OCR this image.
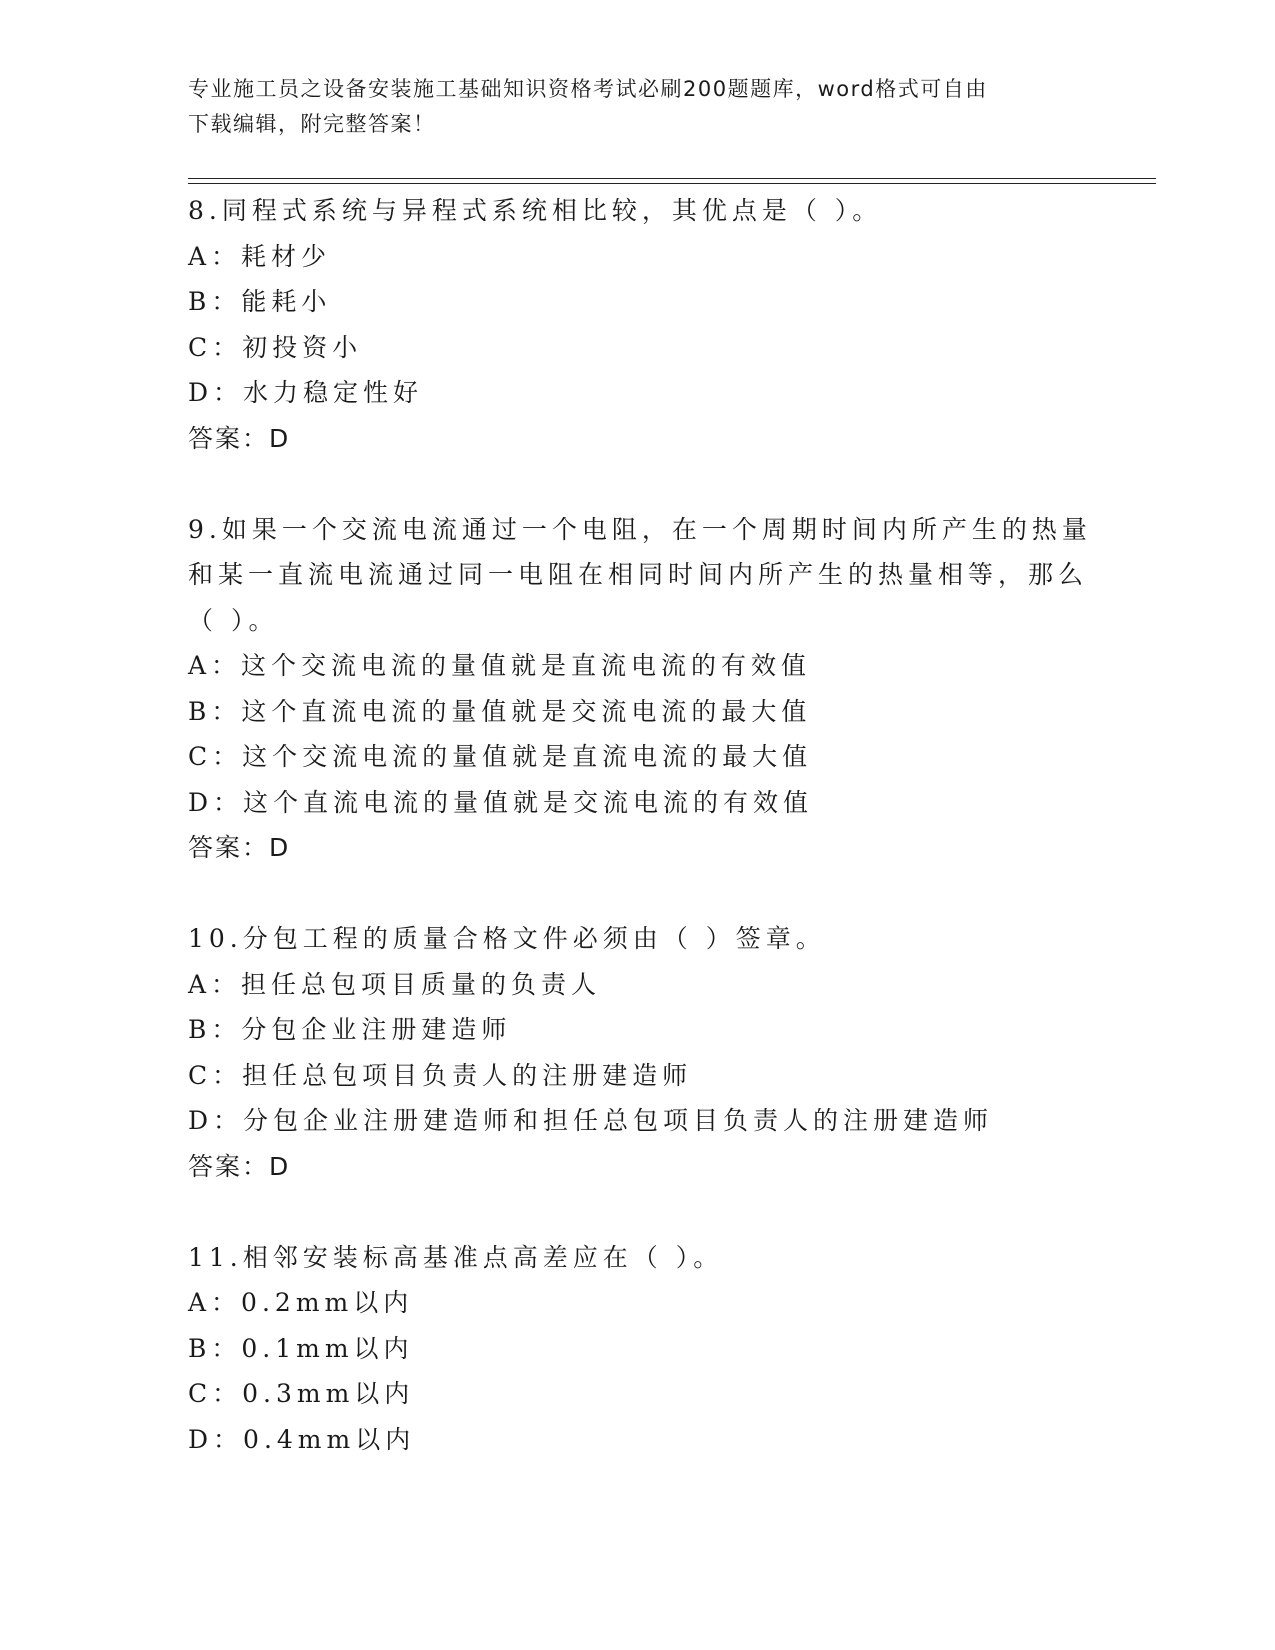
专业施工员之设备安装施工基础知识资格考试必刷200题题库，word格式可自由
下载编辑，附完整答案！
8.同程式系统与异程式系统相比较，其优点是（ ）。
A：耗材少
B：能耗小
C：初投资小
D：水力稳定性好
答案：D
9.如果一个交流电流通过一个电阻，在一个周期时间内所产生的热量
和某一直流电流通过同一电阻在相同时间内所产生的热量相等，那么
（ ）。
A：这个交流电流的量值就是直流电流的有效值
B：这个直流电流的量值就是交流电流的最大值
C：这个交流电流的量值就是直流电流的最大值
D：这个直流电流的量值就是交流电流的有效值
答案：D
10.分包工程的质量合格文件必须由（ ）签章。
A：担任总包项目质量的负责人
B：分包企业注册建造师
C：担任总包项目负责人的注册建造师
D：分包企业注册建造师和担任总包项目负责人的注册建造师
答案：D
11.相邻安装标高基准点高差应在（ ）。
A：0.2mm以内
B：0.1mm以内
C：0.3mm以内
D：0.4mm以内
